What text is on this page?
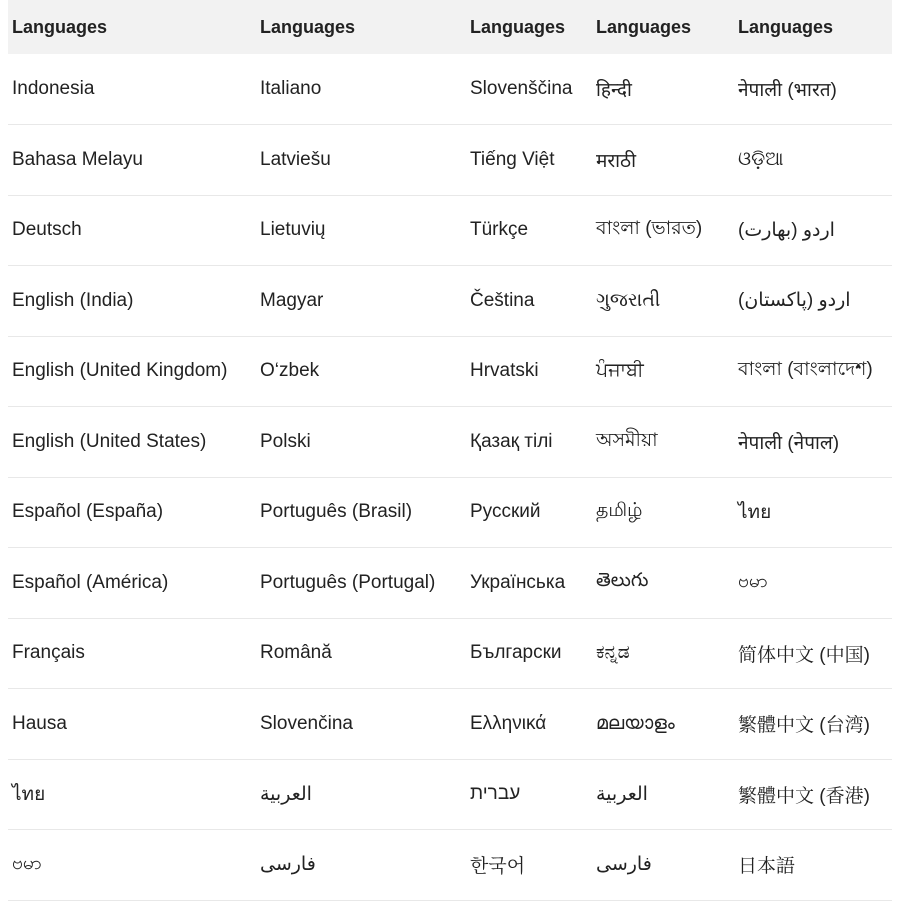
Languages	Languages	Languages	Languages	Languages
Indonesia	Italiano	Slovenščina	हिन्दी	नेपाली (भारत)
Bahasa Melayu	Latviešu	Tiếng Việt	मराठी	ଓଡ଼ିଆ
Deutsch	Lietuvių	Türkçe	বাংলা (ভারত)	اردو (بھارت)
English (India)	Magyar	Čeština	ગુજરાતી	اردو (پاکستان)
English (United Kingdom)	O‘zbek	Hrvatski	ਪੰਜਾਬੀ	বাংলা (বাংলাদেশ)
English (United States)	Polski	Қазақ тілі	অসমীয়া	नेपाली (नेपाल)
Español (España)	Português (Brasil)	Русский	தமிழ்	ไทย
Español (América)	Português (Portugal)	Українська	తెలుగు	ဗမာ
Français	Română	Български	ಕನ್ನಡ	简体中文 (中国)
Hausa	Slovenčina	Ελληνικά	മലയാളം	繁體中文 (台湾)
ไทย	العربية	עברית	العربية	繁體中文 (香港)
ဗမာ	فارسی	한국어	فارسی	日本語
